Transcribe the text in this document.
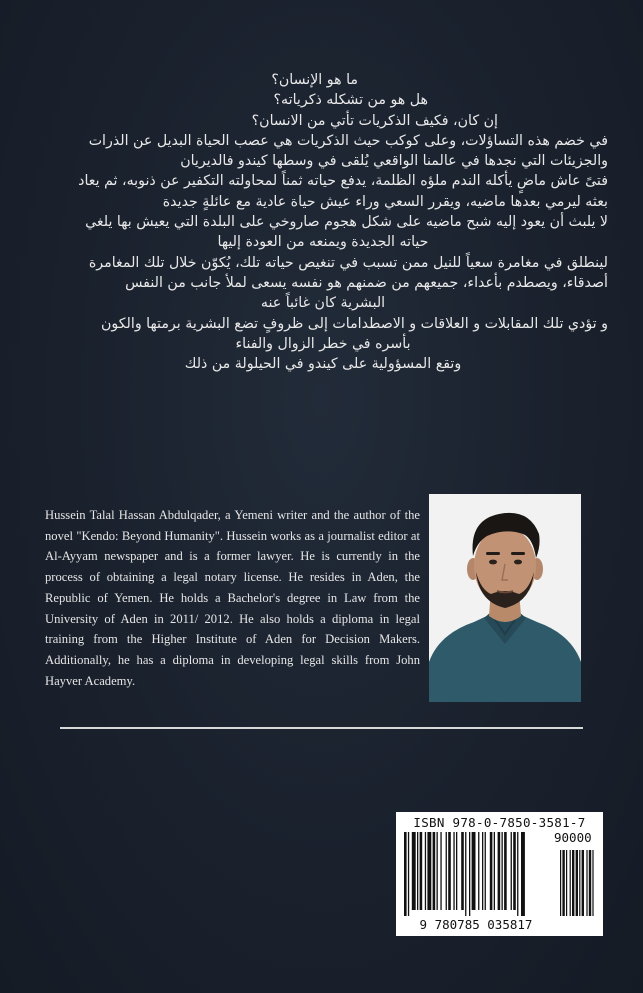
ما هو الإنسان؟
هل هو من تشكله ذكرياته؟
إن كان، فكيف الذكريات تأتي من الانسان؟
في خضم هذه التساؤلات، وعلى كوكب حيث الذكريات هي عصب الحياة البديل عن الذرات
والجزيئات التي نجدها في عالمنا الواقعي يُلقى في وسطها كيندو فالديريان
فتىً عاش ماضٍ يأكله الندم ملؤه الظلمة، يدفع حياته ثمناً لمحاولته التكفير عن ذنوبه، ثم يعاد
بعثه ليرمي بعدها ماضيه، ويقرر السعي وراء عيش حياة عادية مع عائلةٍ جديدة
لا يلبث أن يعود إليه شبح ماضيه على شكل هجوم صاروخي على البلدة التي يعيش بها يلغي
حياته الجديدة ويمنعه من العودة إليها
لينطلق في مغامرة سعياً للنيل ممن تسبب في تنغيص حياته تلك، يُكوّن خلال تلك المغامرة
أصدقاء، ويصطدم بأعداء، جميعهم من ضمنهم هو نفسه يسعى لملأ جانب من النفس
البشرية كان غائباً عنه
و تؤدي تلك المقابلات و العلاقات و الاصطدامات إلى ظروفٍ تضع البشرية برمتها والكون
بأسره في خطر الزوال والفناء
وتقع المسؤولية على كيندو في الحيلولة من ذلك
Hussein Talal Hassan Abdulqader, a Yemeni writer and the author of the novel "Kendo: Beyond Humanity". Hussein works as a journalist editor at Al-Ayyam newspaper and is a former lawyer. He is currently in the process of obtaining a legal notary license. He resides in Aden, the Republic of Yemen. He holds a Bachelor's degree in Law from the University of Aden in 2011/ 2012. He also holds a diploma in legal training from the Higher Institute of Aden for Decision Makers. Additionally, he has a diploma in developing legal skills from John Hayver Academy.
ISBN 978-0-7850-3581-7
90000
9 780785 035817
